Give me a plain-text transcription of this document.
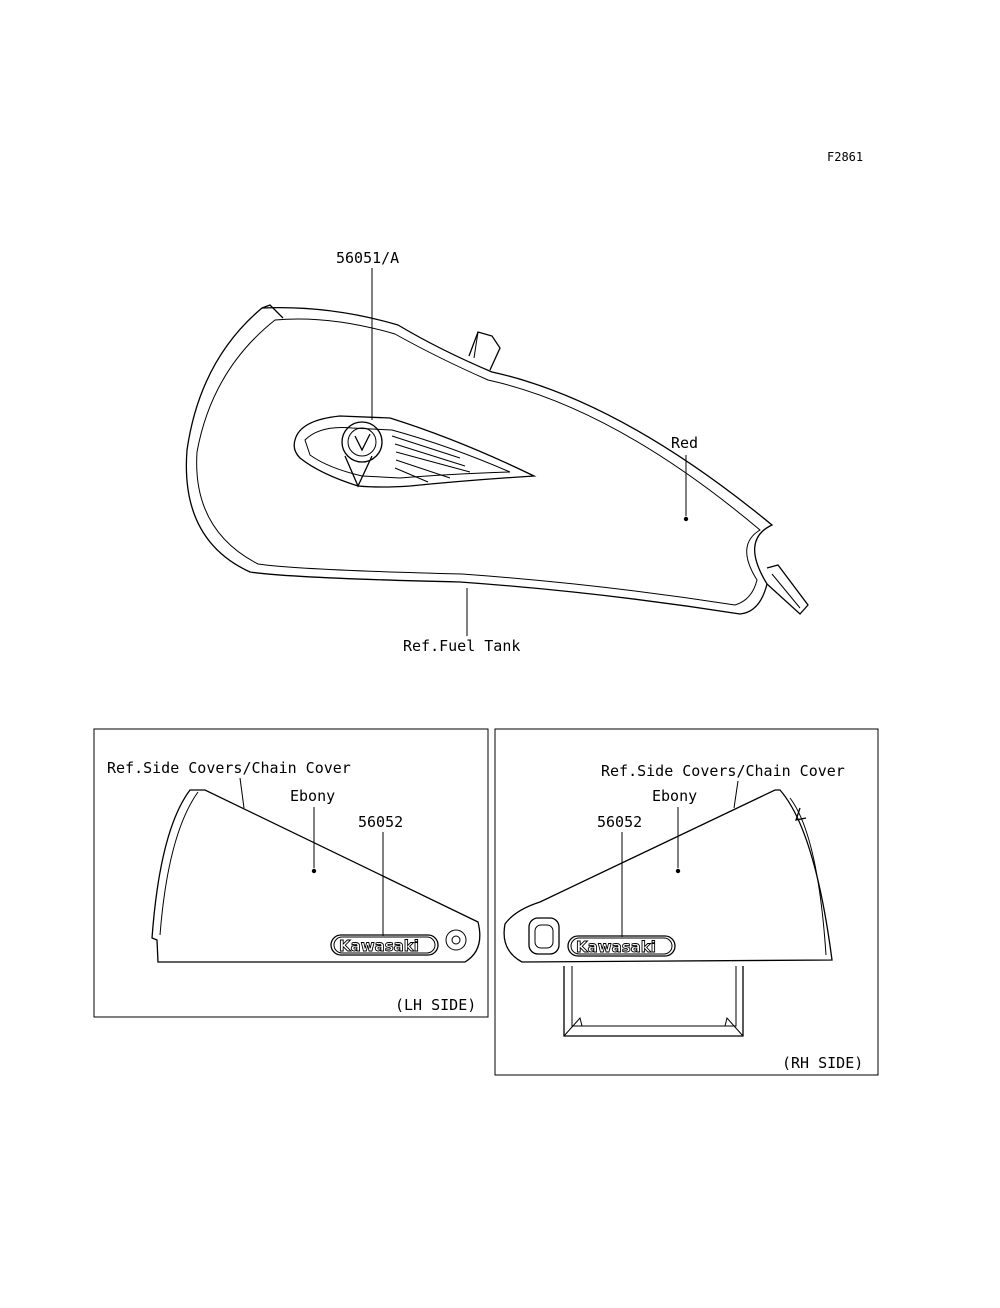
F2861
56051/A
Red
Ref.Fuel Tank
Kawasaki
Ref.Side Covers/Chain Cover
Ebony
56052
(LH SIDE)
Kawasaki
Ref.Side Covers/Chain Cover
Ebony
56052
(RH SIDE)
